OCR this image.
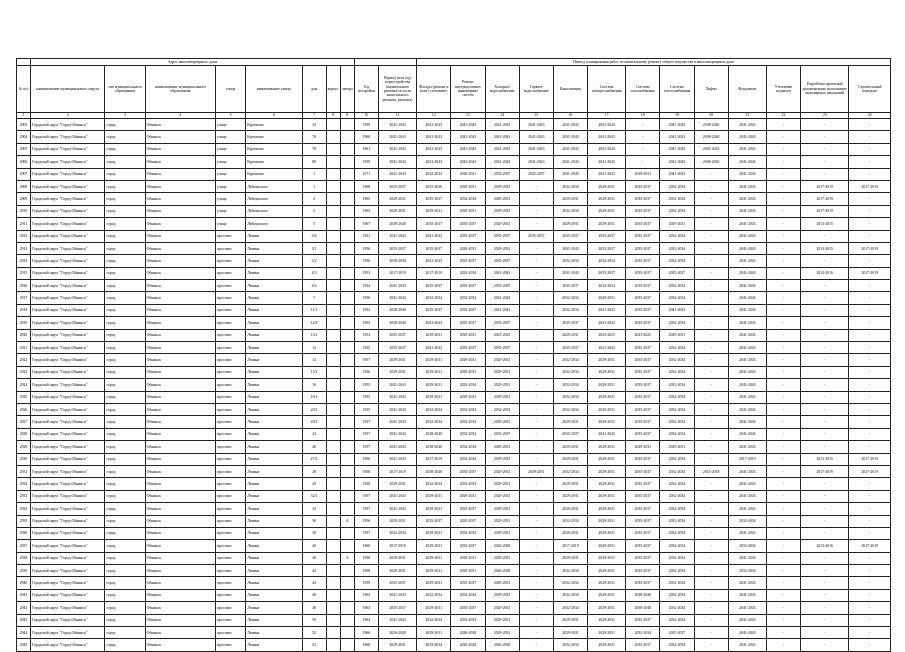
	Адрес многоквартирного дома										Период планирования работ по капитальному ремонту общего имущества в многоквартирном доме												
№ п/п	наименование муниципального округа	тип муниципального образования	наименование муниципального образования	улица	наименование улицы	дом	корпус	литера	Год постройки	Период (или год) переустройства (капитального ремонта) в части капитального ремонта, ремонта)	Фасады (ремонт и (или) утепление)	Ремонт внутридомовых инженерных систем	Холодное водоснабжение	Горячее водоснабжение	Канализация	Система электроснабжения	Система газоснабжения	Система теплоснабжения	Лифты	Фундамент	Утепление подвалов	Разработка проектной документации, выполнение инженерных изысканий	Строительный контроль
1	2	3	4	5	6	7	8	9	10	11	12	13	14	15	16	17	18	19	20	21	22	23	24
2903	Городской округ "Город Обнинск"	город	Обнинск	улица	Курчатова	34			1959	2041-2043	2041-2043	2041-2043	2041-2043	2041-2043	2041-2043	2041-2043	-	2041-2043	2038-2040	2041-2043	-	-	-
2904	Городской округ "Город Обнинск"	город	Обнинск	улица	Курчатова	76			1960	2041-2043	2041-2043	2041-2043	2041-2043	2041-2043	2041-2043	2041-2043	-	2041-2043	2038-2040	2041-2043	-	-	-
2905	Городской округ "Город Обнинск"	город	Обнинск	улица	Курчатова	78			1961	2041-2043	2041-2043	2041-2043	2041-2043	2041-2043	2041-2043	2041-2043	-	2041-2043	2041-2043	2041-2043	-	-	-
2906	Городской округ "Город Обнинск"	город	Обнинск	улица	Курчатова	80			1959	2041-2043	2041-2043	2041-2043	2041-2043	2041-2043	2041-2043	2041-2043	-	2041-2043	2038-2040	2041-2043	-	-	-
2907	Городской округ "Город Обнинск"	город	Обнинск	улица	Курчатова	1			1971	2041-2043	2032-2034	2020-2021	2035-2037	2035-2037	2041-2043	2041-2043	2029-2031	2041-2043	-	2041-2043	-	-	-
2908	Городской округ "Город Обнинск"	город	Обнинск	улица	Лейпунского	1			1968	2035-2037	2035-2036	2029-2031	2029-2031	-	2032-2034	2029-2031	2035-2037	2032-2034	-	2041-2043	-	2017-2019	2017-2019
2909	Городской округ "Город Обнинск"	город	Обнинск	улица	Лейпунского	2			1965	2029-2031	2035-2037	2032-2034	2029-2031	-	2029-2031	2029-2031	2035-2037	2032-2034	-	2041-2043	-	2017-2019	-
2910	Городской округ "Город Обнинск"	город	Обнинск	улица	Лейпунского	3			1965	2029-2031	2029-2031	2029-2031	2029-2031	-	2032-2034	2029-2031	2035-2037	2032-2034	-	2041-2043	-	2017-2019	-
2911	Городской округ "Город Обнинск"	город	Обнинск	улица	Лейпунского	5			1967	2038-2040	2035-2037	2035-2037	2029-2031	-	2029-2031	2029-2031	2035-2037	2029-2031	-	2041-2043	-	2013-2015	-
2912	Городской округ "Город Обнинск"	город	Обнинск	проспект	Ленина	3/6			1951	2041-2043	2041-2043	2035-2037	2035-2037	2035-2037	2035-2037	2035-2037	2035-2037	2032-2034	-	2041-2043	-	-	-
2913	Городской округ "Город Обнинск"	город	Обнинск	проспект	Ленина	3/1			1956	2035-2037	2035-2037	2029-2031	2029-2031	-	2041-2043	2035-2037	2035-2037	2032-2034	-	2041-2043	-	2013-2015	2017-2019
2914	Городской округ "Город Обнинск"	город	Обнинск	проспект	Ленина	3/2			1956	2038-2040	2041-2043	2035-2037	2035-2037	-	2032-2034	2032-2034	2035-2037	2032-2034	-	2041-2043	-	-	-
2915	Городской округ "Город Обнинск"	город	Обнинск	проспект	Ленина	4/3			1953	2017-2019	2017-2019	2032-2034	2041-2043	-	2041-2043	2035-2037	2035-2037	2035-2037	-	2041-2043	-	2014-2016	2017-2019
2916	Городской округ "Город Обнинск"	город	Обнинск	проспект	Ленина	4/4			1954	2041-2043	2035-2037	2035-2037	2035-2037	-	2035-2037	2032-2034	2035-2037	2032-2034	-	2041-2043	-	-	-
2917	Городской округ "Город Обнинск"	город	Обнинск	проспект	Ленина	7			1956	2041-2043	2032-2034	2032-2034	2041-2043	-	2032-2034	2029-2031	2035-2037	2032-2034	-	2041-2043	-	-	-
2918	Городской округ "Город Обнинск"	город	Обнинск	проспект	Ленина	11/1			1952	2038-2040	2035-2037	2035-2037	2041-2043	-	2032-2034	2041-2043	2035-2037	2041-2043	-	2041-2043	-	-	-
2919	Городской округ "Город Обнинск"	город	Обнинск	проспект	Ленина	12/4			1955	2038-2040	2041-2043	2035-2037	2035-2037	-	2035-2037	2041-2043	2035-2037	2032-2034	-	2041-2043	-	-	-
2920	Городской округ "Город Обнинск"	город	Обнинск	проспект	Ленина	13/1			1953	2035-2037	2029-2031	2029-2031	2023-2025	-	2029-2031	2023-2025	2023-2025	2029-2031	-	2041-2043	-	-	-
2921	Городской округ "Город Обнинск"	город	Обнинск	проспект	Ленина	13			1955	2035-2037	2041-2043	2035-2037	2035-2037	-	2035-2037	2041-2043	2035-2037	2032-2034	-	2041-2043	-	-	-
2922	Городской округ "Город Обнинск"	город	Обнинск	проспект	Ленина	14			1957	2029-2031	2029-2031	2029-2031	2029-2031	-	2032-2034	2029-2031	2035-2037	2032-2034	-	2041-2043	-	-	-
2923	Городской округ "Город Обнинск"	город	Обнинск	проспект	Ленина	15/2			1956	2029-2031	2029-2031	2029-2031	2029-2031	-	2032-2034	2029-2031	2035-2037	2032-2034	-	2041-2043	-	-	-
2924	Городской округ "Город Обнинск"	город	Обнинск	проспект	Ленина	16			1955	2041-2043	2029-2031	2032-2034	2029-2031	-	2032-2034	2029-2031	2035-2037	2032-2034	-	2041-2043	-	-	-
2925	Городской округ "Город Обнинск"	город	Обнинск	проспект	Ленина	16/1			1955	2041-2043	2029-2031	2029-2031	2029-2031	-	2032-2034	2029-2031	2035-2037	2032-2034	-	2041-2043	-	-	-
2926	Городской округ "Город Обнинск"	город	Обнинск	проспект	Ленина	20/1			1955	2041-2043	2032-2034	2032-2034	2032-2034	-	2032-2034	2029-2031	2035-2037	2032-2034	-	2041-2043	-	-	-
2927	Городской округ "Город Обнинск"	город	Обнинск	проспект	Ленина	20/2			1957	2041-2043	2032-2034	2032-2034	2029-2031	-	2029-2031	2029-2031	2035-2037	2032-2034	-	2041-2043	-	-	-
2928	Городской округ "Город Обнинск"	город	Обнинск	проспект	Ленина	24			1957	2041-2043	2038-2040	2032-2034	2035-2037	-	2035-2037	2041-2043	2035-2037	2032-2034	-	2041-2043	-	-	-
2929	Городской округ "Город Обнинск"	город	Обнинск	проспект	Ленина	26			1957	2041-2043	2038-2040	2032-2034	2029-2031	-	2029-2031	2029-2031	2029-2031	2029-2031	-	2041-2043	-	-	-
2930	Городской округ "Город Обнинск"	город	Обнинск	проспект	Ленина	27/2			1956	2041-2043	2017-2019	2032-2034	2029-2031	-	2029-2031	2029-2031	2035-2037	2032-2034	-	2017-2019	-	2013-2015	2017-2019
2931	Городской округ "Город Обнинск"	город	Обнинск	проспект	Ленина	28			1958	2017-2019	2038-2040	2035-2037	2029-2031	2029-2031	2032-2034	2029-2031	2035-2037	2032-2034	2015-2018	2041-2043	-	2017-2019	2017-2019
2932	Городской округ "Город Обнинск"	город	Обнинск	проспект	Ленина	29			1958	2029-2031	2032-2034	2032-2034	2029-2031	-	2029-2031	2029-2031	2035-2037	2032-2034	-	2041-2043	-	-	-
2933	Городской округ "Город Обнинск"	город	Обнинск	проспект	Ленина	32/1			1957	2041-2043	2029-2031	2029-2031	2029-2031	-	2029-2031	2029-2031	2035-2037	2032-2034	-	2041-2043	-	-	-
2934	Городской округ "Город Обнинск"	город	Обнинск	проспект	Ленина	34			1957	2041-2043	2029-2031	2035-2037	2029-2031	-	2029-2031	2029-2031	2035-2037	2032-2034	-	2041-2043	-	-	-
2935	Городской округ "Город Обнинск"	город	Обнинск	проспект	Ленина	36		А	1956	2029-2031	2035-2037	2035-2037	2029-2031	-	2032-2034	2029-2031	2035-2037	2032-2034	-	2032-2034	-	-	-
2936	Городской округ "Город Обнинск"	город	Обнинск	проспект	Ленина	38			1957	2032-2034	2029-2031	2032-2034	2029-2031	-	2029-2031	2029-2031	2035-2037	2032-2034	-	2041-2043	-	-	-
2937	Городской округ "Город Обнинск"	город	Обнинск	проспект	Ленина	40			1960	2017-2019	2029-2031	2035-2037	2026-2028	-	2017-2019	2029-2031	2035-2037	2032-2034	-	2032-2034	-	2013-2016	2017-2019
2938	Городской округ "Город Обнинск"	город	Обнинск	проспект	Ленина	40		А	1958	2029-2031	2029-2031	2029-2031	2029-2031	-	2029-2031	2029-2031	2035-2037	2032-2034	-	2041-2043	-	-	-
2939	Городской округ "Город Обнинск"	город	Обнинск	проспект	Ленина	42			1958	2029-2031	2029-2031	2029-2031	2026-2028	-	2032-2034	2029-2031	2035-2037	2032-2034	-	2032-2034	-	-	-
2940	Городской округ "Город Обнинск"	город	Обнинск	проспект	Ленина	44			1959	2035-2037	2029-2031	2035-2037	2029-2031	-	2032-2034	2029-2031	2035-2037	2032-2034	-	2041-2043	-	-	-
2941	Городской округ "Город Обнинск"	город	Обнинск	проспект	Ленина	46			1963	2041-2043	2032-2034	2032-2034	2029-2031	-	2032-2034	2029-2031	2038-2040	2032-2034	-	2041-2043	-	-	-
2942	Городской округ "Город Обнинск"	город	Обнинск	проспект	Ленина	48			1963	2035-2037	2029-2031	2035-2037	2029-2031	-	2032-2034	2029-2031	2038-2040	2032-2034	-	2041-2043	-	-	-
2943	Городской округ "Город Обнинск"	город	Обнинск	проспект	Ленина	50			1964	2041-2043	2032-2034	2032-2034	2029-2031	-	2029-2031	2029-2031	2035-2037	2032-2034	-	2041-2043	-	-	-
2944	Городской округ "Город Обнинск"	город	Обнинск	проспект	Ленина	52			1966	2026-2028	2029-2031	2026-2028	2029-2031	-	2029-2031	2029-2031	2032-2034	2035-2037	-	2041-2043	-	-	-
2945	Городской округ "Город Обнинск"	город	Обнинск	проспект	Ленина	53			1960	2029-2031	2032-2034	2026-2028	2026-2028	-	2032-2034	2029-2031	2035-2037	2032-2034	-	2041-2043	-	-	-
